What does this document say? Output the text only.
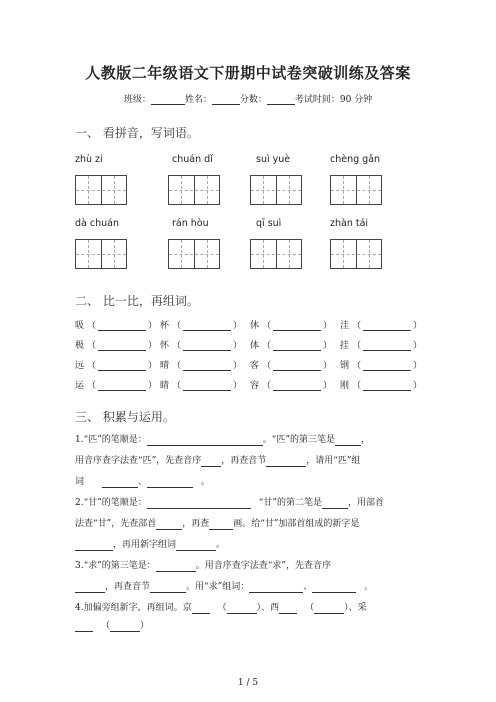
人教版二年级语文下册期中试卷突破训练及答案
班级：	姓名：	分数：	考试时间：90 分钟
一、 看拼音，写词语。
zhù zi	chuán dǐ	suì yuè	chèng gǎn
dà chuán	rán hòu	qī suì	zhàn tái
二、 比一比，再组词。
吸 （	） 杯 （	） 休 （	） 洼 （	）
极 （	） 怀 （	） 体 （	） 挂 （	）
远 （	） 晴 （	） 客 （	） 钢 （	）
运 （	） 睛 （	） 容 （	） 刚 （	）
三、 积累与运用。
1.“匹”的笔顺是：	。“匹”的第三笔是	，
用音序查字法查“匹”，先查音序 ，再查音节	，请用“匹”组
词	、	。
2.“甘”的笔顺是：	“甘”的第二笔是	，用部首
法查“甘”，先查部首	，再查	画。给“甘”加部首组成的新字是
，再用新字组词	。
3.“求”的第三笔是：	。用音序查字法查“求”，先查音序
，再查音节	。用“求”组词：	、	。
4.加偏旁组新字，再组词。京	（	）、西	（	）、采
（	）
1 / 5
